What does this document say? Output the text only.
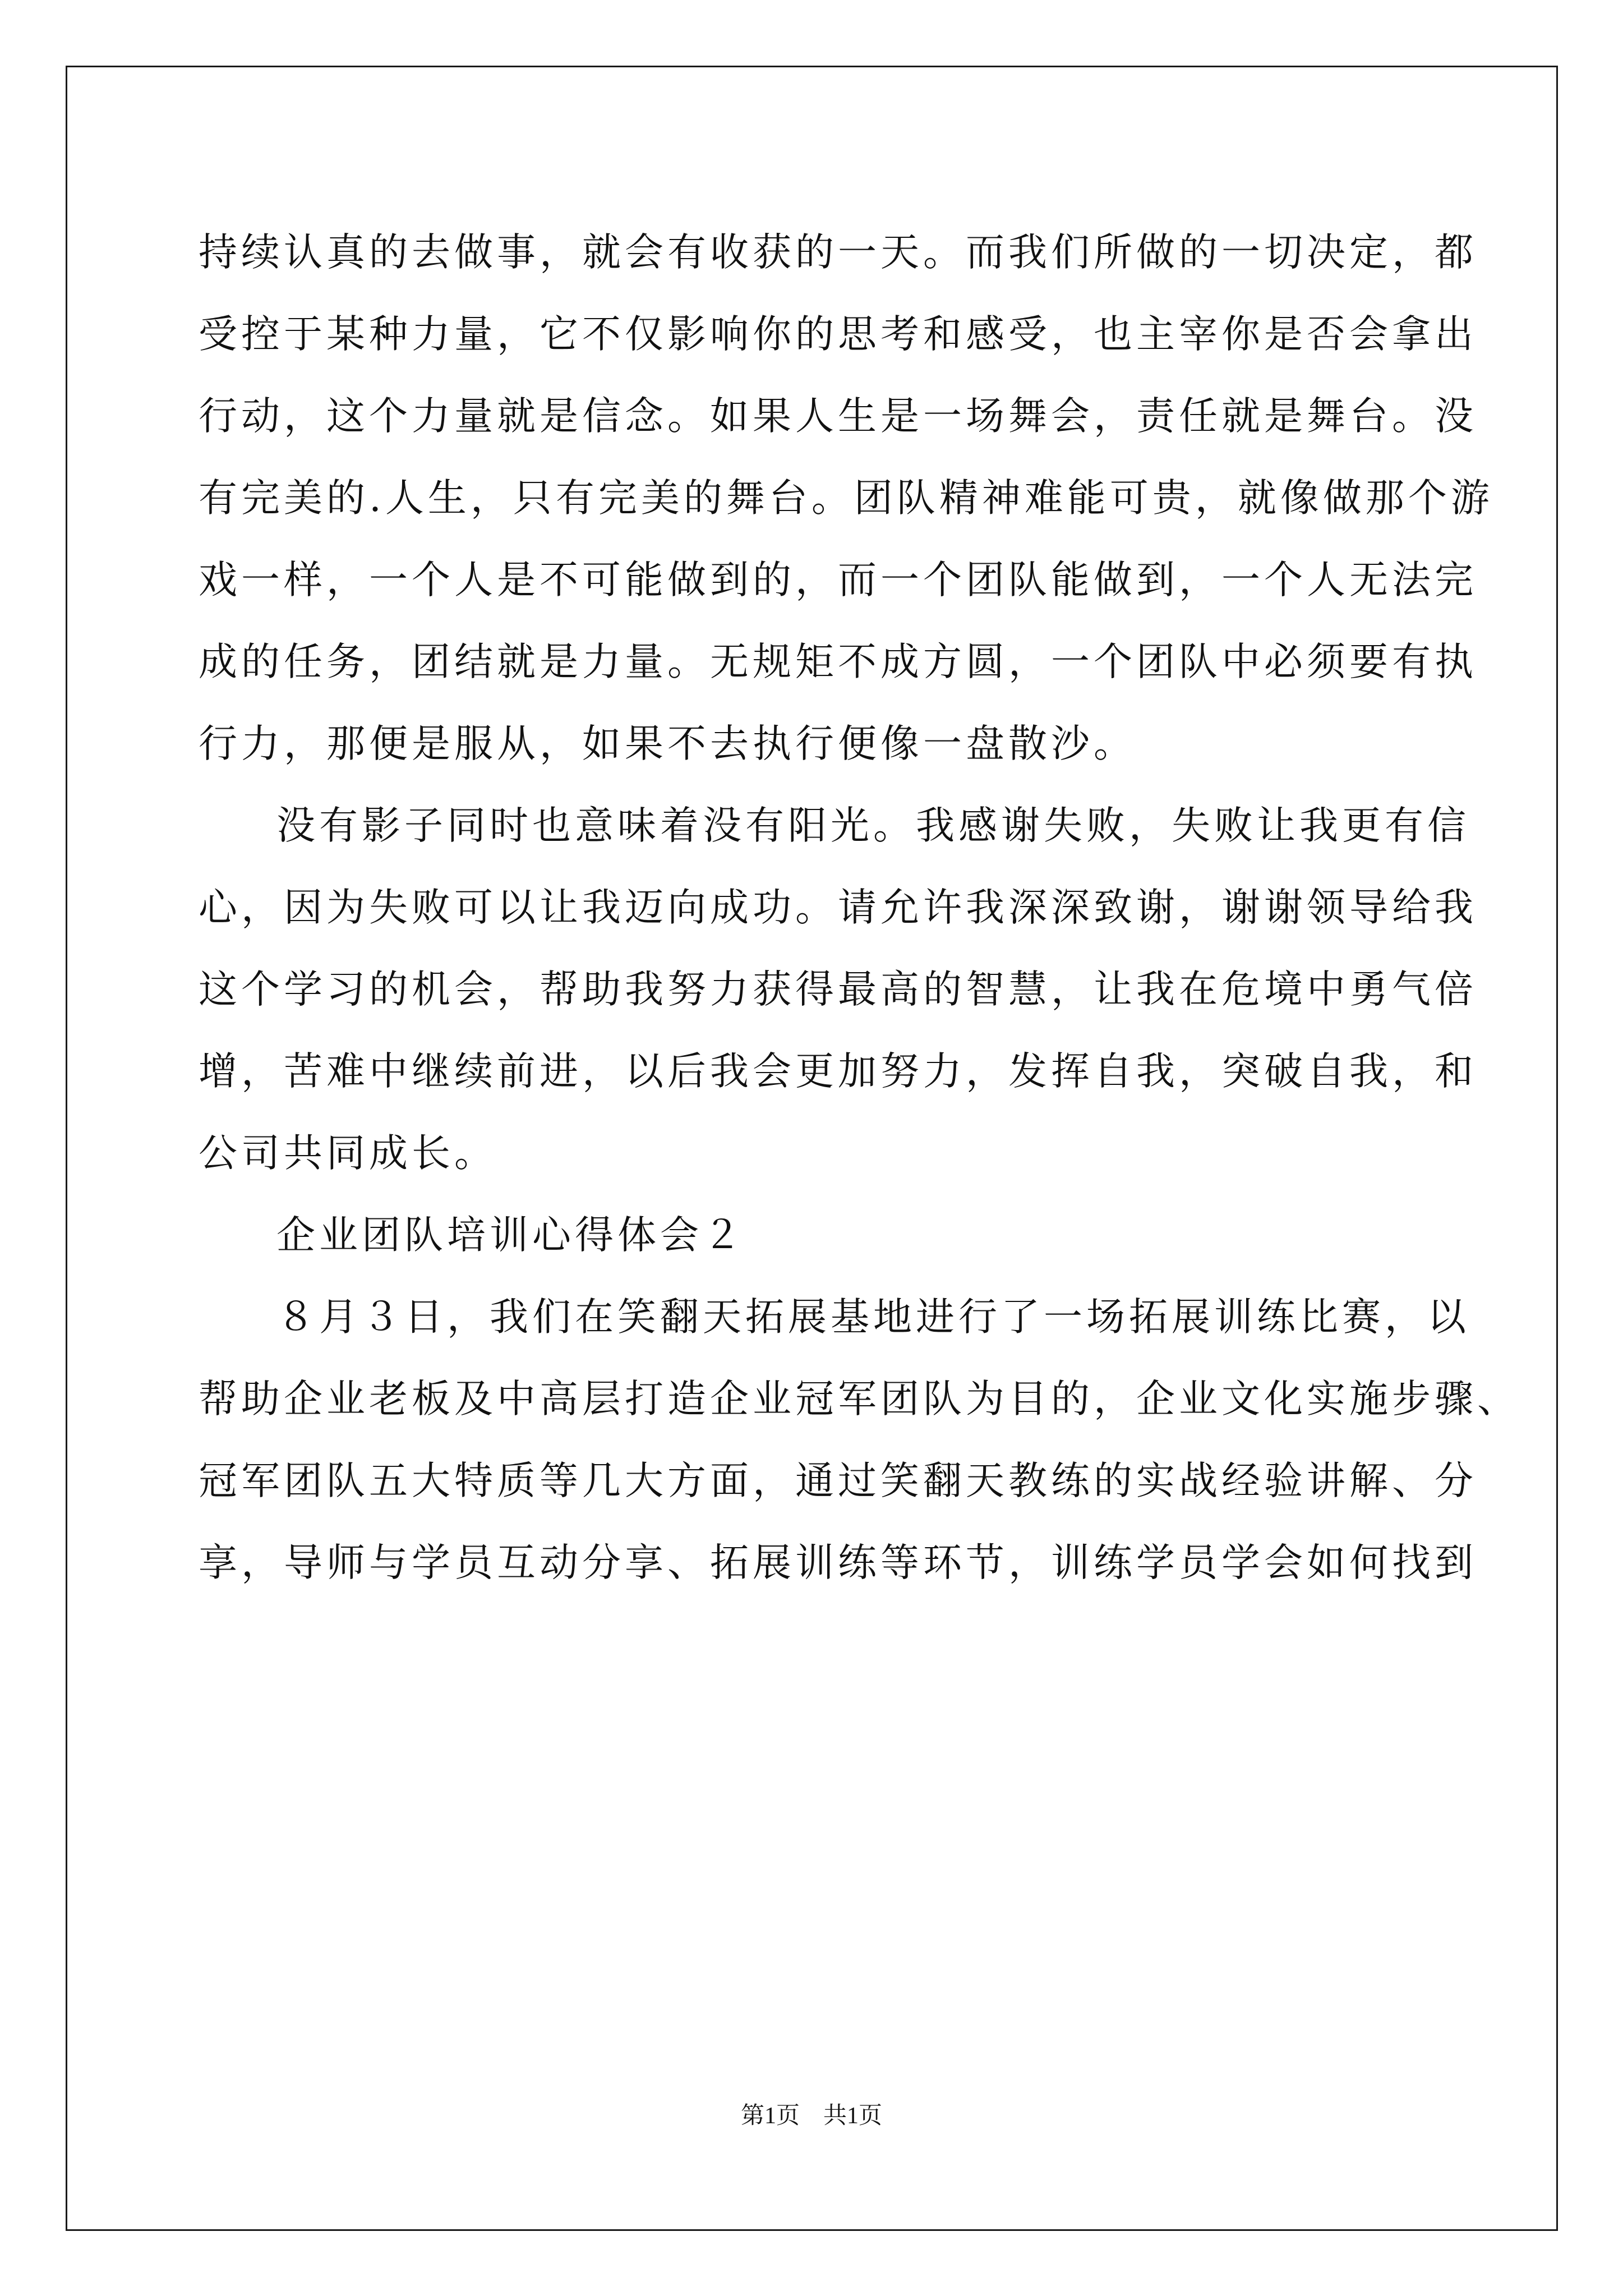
持续认真的去做事，就会有收获的一天。而我们所做的一切决定，都
受控于某种力量，它不仅影响你的思考和感受，也主宰你是否会拿出
行动，这个力量就是信念。如果人生是一场舞会，责任就是舞台。没
有完美的.人生，只有完美的舞台。团队精神难能可贵，就像做那个游
戏一样，一个人是不可能做到的，而一个团队能做到，一个人无法完
成的任务，团结就是力量。无规矩不成方圆，一个团队中必须要有执
行力，那便是服从，如果不去执行便像一盘散沙。
没有影子同时也意味着没有阳光。我感谢失败，失败让我更有信
心，因为失败可以让我迈向成功。请允许我深深致谢，谢谢领导给我
这个学习的机会，帮助我努力获得最高的智慧，让我在危境中勇气倍
增，苦难中继续前进，以后我会更加努力，发挥自我，突破自我，和
公司共同成长。
企业团队培训心得体会２
８月３日，我们在笑翻天拓展基地进行了一场拓展训练比赛，以
帮助企业老板及中高层打造企业冠军团队为目的，企业文化实施步骤、
冠军团队五大特质等几大方面，通过笑翻天教练的实战经验讲解、分
享，导师与学员互动分享、拓展训练等环节，训练学员学会如何找到
第1页　共1页
